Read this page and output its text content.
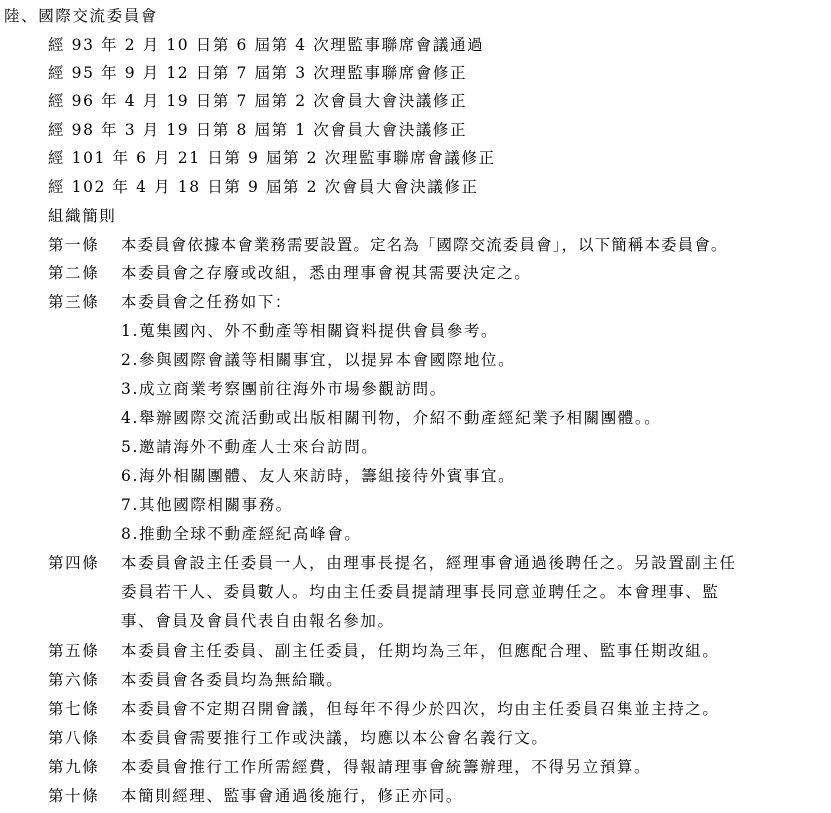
陸、國際交流委員會
經 93 年 2 月 10 日第 6 屆第 4 次理監事聯席會議通過
經 95 年 9 月 12 日第 7 屆第 3 次理監事聯席會修正
經 96 年 4 月 19 日第 7 屆第 2 次會員大會決議修正
經 98 年 3 月 19 日第 8 屆第 1 次會員大會決議修正
經 101 年 6 月 21 日第 9 屆第 2 次理監事聯席會議修正
經 102 年 4 月 18 日第 9 屆第 2 次會員大會決議修正
組織簡則
第一條 本委員會依據本會業務需要設置。定名為「國際交流委員會」，以下簡稱本委員會。
第二條 本委員會之存廢或改組，悉由理事會視其需要決定之。
第三條 本委員會之任務如下：
1.蒐集國內、外不動產等相關資料提供會員參考。
2.參與國際會議等相關事宜，以提昇本會國際地位。
3.成立商業考察團前往海外市場參觀訪問。
4.舉辦國際交流活動或出版相關刊物，介紹不動產經紀業予相關團體。。
5.邀請海外不動產人士來台訪問。
6.海外相關團體、友人來訪時，籌組接待外賓事宜。
7.其他國際相關事務。
8.推動全球不動產經紀高峰會。
第四條 本委員會設主任委員一人，由理事長提名，經理事會通過後聘任之。另設置副主任
委員若干人、委員數人。均由主任委員提請理事長同意並聘任之。本會理事、監
事、會員及會員代表自由報名參加。
第五條 本委員會主任委員、副主任委員，任期均為三年，但應配合理、監事任期改組。
第六條 本委員會各委員均為無給職。
第七條 本委員會不定期召開會議，但每年不得少於四次，均由主任委員召集並主持之。
第八條 本委員會需要推行工作或決議，均應以本公會名義行文。
第九條 本委員會推行工作所需經費，得報請理事會統籌辦理，不得另立預算。
第十條 本簡則經理、監事會通過後施行，修正亦同。
